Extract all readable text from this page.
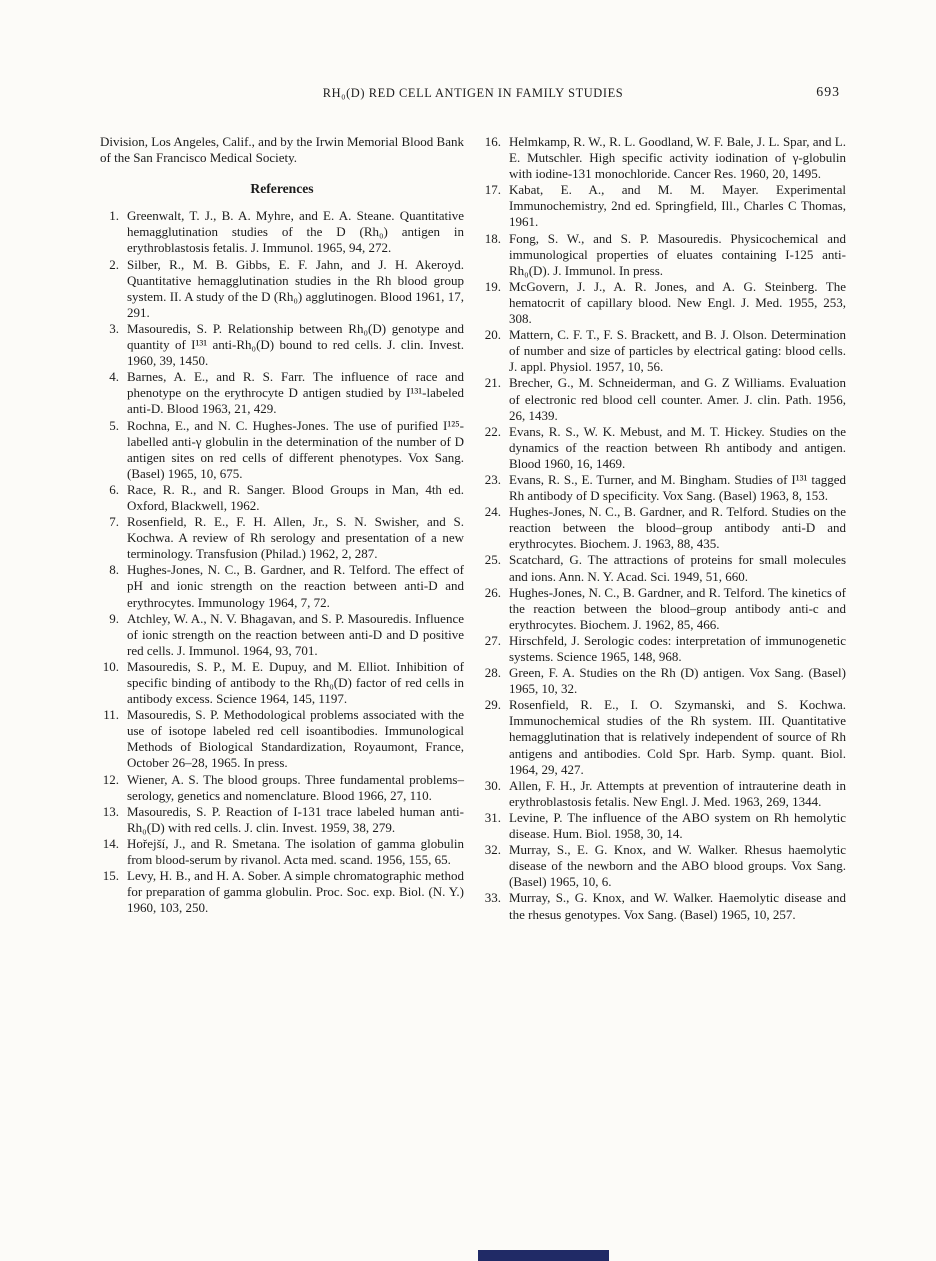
RH₀(D) RED CELL ANTIGEN IN FAMILY STUDIES	693

Division, Los Angeles, Calif., and by the Irwin Memorial Blood Bank of the San Francisco Medical Society.

References
1. Greenwalt, T. J., B. A. Myhre, and E. A. Steane. Quantitative hemagglutination studies of the D (Rh₀) antigen in erythroblastosis fetalis. J. Immunol. 1965, 94, 272.
2. Silber, R., M. B. Gibbs, E. F. Jahn, and J. H. Akeroyd. Quantitative hemagglutination studies in the Rh blood group system. II. A study of the D (Rh₀) agglutinogen. Blood 1961, 17, 291.
3. Masouredis, S. P. Relationship between Rh₀(D) genotype and quantity of I¹³¹ anti-Rh₀(D) bound to red cells. J. clin. Invest. 1960, 39, 1450.
4. Barnes, A. E., and R. S. Farr. The influence of race and phenotype on the erythrocyte D antigen studied by I¹³¹-labeled anti-D. Blood 1963, 21, 429.
5. Rochna, E., and N. C. Hughes-Jones. The use of purified I¹²⁵-labelled anti-γ globulin in the determination of the number of D antigen sites on red cells of different phenotypes. Vox Sang. (Basel) 1965, 10, 675.
6. Race, R. R., and R. Sanger. Blood Groups in Man, 4th ed. Oxford, Blackwell, 1962.
7. Rosenfield, R. E., F. H. Allen, Jr., S. N. Swisher, and S. Kochwa. A review of Rh serology and presentation of a new terminology. Transfusion (Philad.) 1962, 2, 287.
8. Hughes-Jones, N. C., B. Gardner, and R. Telford. The effect of pH and ionic strength on the reaction between anti-D and erythrocytes. Immunology 1964, 7, 72.
9. Atchley, W. A., N. V. Bhagavan, and S. P. Masouredis. Influence of ionic strength on the reaction between anti-D and D positive red cells. J. Immunol. 1964, 93, 701.
10. Masouredis, S. P., M. E. Dupuy, and M. Elliot. Inhibition of specific binding of antibody to the Rh₀(D) factor of red cells in antibody excess. Science 1964, 145, 1197.
11. Masouredis, S. P. Methodological problems associated with the use of isotope labeled red cell isoantibodies. Immunological Methods of Biological Standardization, Royaumont, France, October 26–28, 1965. In press.
12. Wiener, A. S. The blood groups. Three fundamental problems–serology, genetics and nomenclature. Blood 1966, 27, 110.
13. Masouredis, S. P. Reaction of I-131 trace labeled human anti-Rh₀(D) with red cells. J. clin. Invest. 1959, 38, 279.
14. Hořejší, J., and R. Smetana. The isolation of gamma globulin from blood-serum by rivanol. Acta med. scand. 1956, 155, 65.
15. Levy, H. B., and H. A. Sober. A simple chromatographic method for preparation of gamma globulin. Proc. Soc. exp. Biol. (N. Y.) 1960, 103, 250.
16. Helmkamp, R. W., R. L. Goodland, W. F. Bale, J. L. Spar, and L. E. Mutschler. High specific activity iodination of γ-globulin with iodine-131 monochloride. Cancer Res. 1960, 20, 1495.
17. Kabat, E. A., and M. M. Mayer. Experimental Immunochemistry, 2nd ed. Springfield, Ill., Charles C Thomas, 1961.
18. Fong, S. W., and S. P. Masouredis. Physicochemical and immunological properties of eluates containing I-125 anti-Rh₀(D). J. Immunol. In press.
19. McGovern, J. J., A. R. Jones, and A. G. Steinberg. The hematocrit of capillary blood. New Engl. J. Med. 1955, 253, 308.
20. Mattern, C. F. T., F. S. Brackett, and B. J. Olson. Determination of number and size of particles by electrical gating: blood cells. J. appl. Physiol. 1957, 10, 56.
21. Brecher, G., M. Schneiderman, and G. Z Williams. Evaluation of electronic red blood cell counter. Amer. J. clin. Path. 1956, 26, 1439.
22. Evans, R. S., W. K. Mebust, and M. T. Hickey. Studies on the dynamics of the reaction between Rh antibody and antigen. Blood 1960, 16, 1469.
23. Evans, R. S., E. Turner, and M. Bingham. Studies of I¹³¹ tagged Rh antibody of D specificity. Vox Sang. (Basel) 1963, 8, 153.
24. Hughes-Jones, N. C., B. Gardner, and R. Telford. Studies on the reaction between the blood–group antibody anti-D and erythrocytes. Biochem. J. 1963, 88, 435.
25. Scatchard, G. The attractions of proteins for small molecules and ions. Ann. N. Y. Acad. Sci. 1949, 51, 660.
26. Hughes-Jones, N. C., B. Gardner, and R. Telford. The kinetics of the reaction between the blood–group antibody anti-c and erythrocytes. Biochem. J. 1962, 85, 466.
27. Hirschfeld, J. Serologic codes: interpretation of immunogenetic systems. Science 1965, 148, 968.
28. Green, F. A. Studies on the Rh (D) antigen. Vox Sang. (Basel) 1965, 10, 32.
29. Rosenfield, R. E., I. O. Szymanski, and S. Kochwa. Immunochemical studies of the Rh system. III. Quantitative hemagglutination that is relatively independent of source of Rh antigens and antibodies. Cold Spr. Harb. Symp. quant. Biol. 1964, 29, 427.
30. Allen, F. H., Jr. Attempts at prevention of intrauterine death in erythroblastosis fetalis. New Engl. J. Med. 1963, 269, 1344.
31. Levine, P. The influence of the ABO system on Rh hemolytic disease. Hum. Biol. 1958, 30, 14.
32. Murray, S., E. G. Knox, and W. Walker. Rhesus haemolytic disease of the newborn and the ABO blood groups. Vox Sang. (Basel) 1965, 10, 6.
33. Murray, S., G. Knox, and W. Walker. Haemolytic disease and the rhesus genotypes. Vox Sang. (Basel) 1965, 10, 257.
